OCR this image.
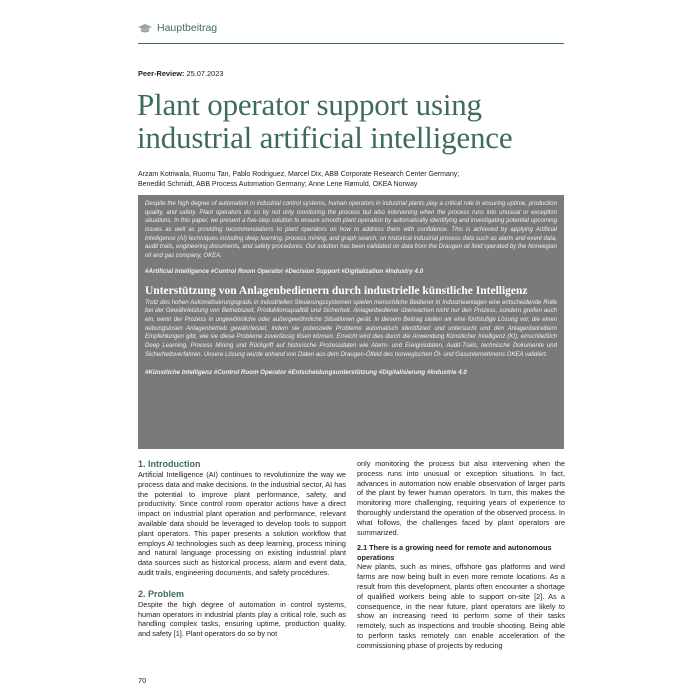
Hauptbeitrag
Peer-Review: 25.07.2023
Plant operator support using
industrial artificial intelligence
Arzam Kotriwala, Ruomu Tan, Pablo Rodriguez, Marcel Dix, ABB Corporate Research Center Germany;
Benedikt Schmidt, ABB Process Automation Germany; Anne Lene Rømuld, OKEA Norway

Despite the high degree of automation in industrial control systems, human operators in industrial plants play a critical role in ensuring uptime, production quality, and safety. Plant operators do so by not only monitoring the process but also intervening when the process runs into unusual or exception situations. In this paper, we present a five-step solution to ensure smooth plant operation by automatically identifying and investigating potential upcoming issues as well as providing recommendations to plant operators on how to address them with confidence. This is achieved by applying Artificial Intelligence (AI) techniques including deep learning, process mining, and graph search, on historical industrial process data such as alarm and event data, audit trails, engineering documents, and safety procedures. Our solution has been validated on data from the Draugen oil field operated by the Norwegian oil and gas company, OKEA.

#Artificial Intelligence #Control Room Operator #Decision Support #Digitalization #Industry 4.0

Unterstützung von Anlagenbedienern durch industrielle künstliche Intelligenz

Trotz des hohen Automatisierungsgrads in industriellen Steuerungssystemen spielen menschliche Bediener in Industrieanlagen eine entscheidende Rolle bei der Gewährleistung von Betriebszeit, Produktionsqualität und Sicherheit. Anlagenbediener überwachen nicht nur den Prozess, sondern greifen auch ein, wenn der Prozess in ungewöhnliche oder außergewöhnliche Situationen gerät. In diesem Beitrag stellen wir eine fünfstufige Lösung vor, die einen reibungslosen Anlagenbetrieb gewährleistet, indem sie potenzielle Probleme automatisch identifiziert und untersucht und den Anlagenbetreibern Empfehlungen gibt, wie sie diese Probleme zuverlässig lösen können. Erreicht wird dies durch die Anwendung Künstlicher Intelligenz (KI), einschließlich Deep Learning, Process Mining und Rückgriff auf historische Prozessdaten wie Alarm- und Ereignisdaten, Audit-Trails, technische Dokumente und Sicherheitsverfahren. Unsere Lösung wurde anhand von Daten aus dem Draugen-Ölfeld des norwegischen Öl- und Gasunternehmens OKEA validiert.

#Künstliche Intelligenz #Control Room Operator #Entscheidungsunterstützung #Digitalisierung #Industrie 4.0

1. Introduction

Artificial Intelligence (AI) continues to revolutionize the way we process data and make decisions. In the industrial sector, AI has the potential to improve plant performance, safety, and productivity. Since control room operator actions have a direct impact on industrial plant operation and performance, relevant available data should be leveraged to develop tools to support plant operators. This paper presents a solution workflow that employs AI technologies such as deep learning, process mining and natural language processing on existing industrial plant data sources such as historical process, alarm and event data, audit trails, engineering documents, and safety procedures.

2. Problem

Despite the high degree of automation in control systems, human operators in industrial plants play a critical role, such as handling complex tasks, ensuring uptime, production quality, and safety [1]. Plant operators do so by not

only monitoring the process but also intervening when the process runs into unusual or exception situations. In fact, advances in automation now enable observation of larger parts of the plant by fewer human operators. In turn, this makes the monitoring more challenging, requiring years of experience to thoroughly understand the operation of the observed process. In what follows, the challenges faced by plant operators are summarized.

2.1 There is a growing need for remote and autonomous operations

New plants, such as mines, offshore gas platforms and wind farms are now being built in even more remote locations. As a result from this development, plants often encounter a shortage of qualified workers being able to support on-site [2]. As a consequence, in the near future, plant operators are likely to show an increasing need to perform some of their tasks remotely, such as inspections and trouble shooting. Being able to perform tasks remotely can enable acceleration of the commissioning phase of projects by reducing

70
